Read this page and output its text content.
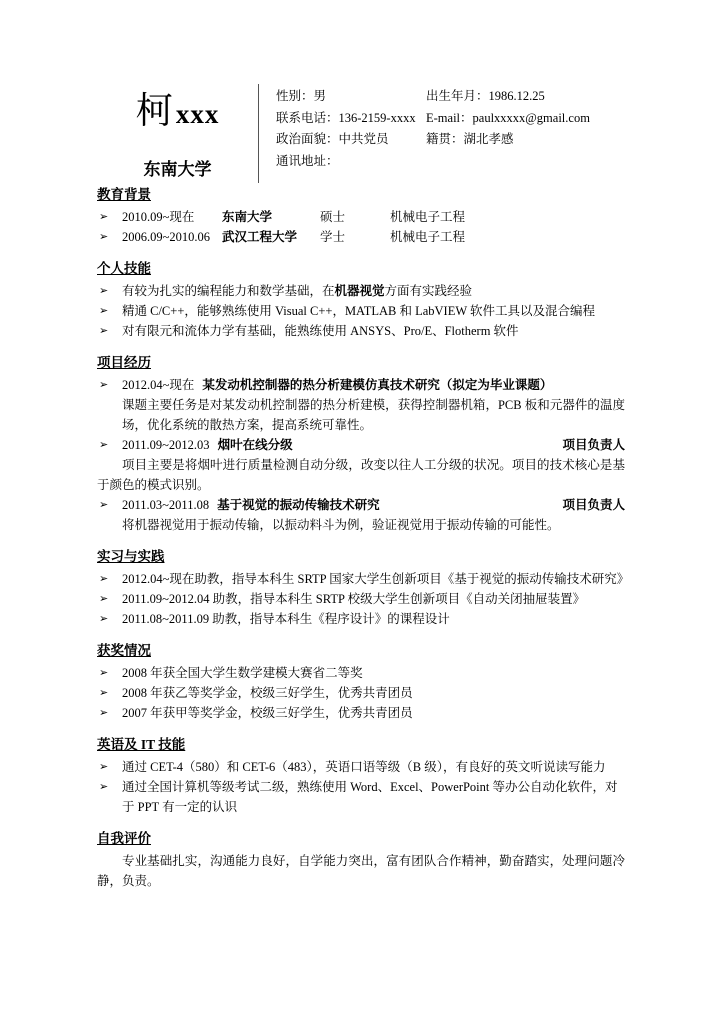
柯 xxx
东南大学
性别：男	出生年月：1986.12.25
联系电话：136-2159-xxxx E-mail：paulxxxxx@gmail.com
政治面貌：中共党员	籍贯：湖北孝感
通讯地址：
教育背景
➢ 2010.09~现在 东南大学	硕士	机械电子工程
➢ 2006.09~2010.06 武汉工程大学 学士	机械电子工程
个人技能
➢ 有较为扎实的编程能力和数学基础，在机器视觉方面有实践经验
➢ 精通 C/C++，能够熟练使用 Visual C++，MATLAB 和 LabVIEW 软件工具以及混合编程
➢ 对有限元和流体力学有基础，能熟练使用 ANSYS、Pro/E、Flotherm 软件
项目经历
➢ 2012.04~现在 某发动机控制器的热分析建模仿真技术研究（拟定为毕业课题）
课题主要任务是对某发动机控制器的热分析建模，获得控制器机箱，PCB 板和元器件的温度场，优化系统的散热方案，提高系统可靠性。
➢ 2011.09~2012.03 烟叶在线分级	项目负责人
项目主要是将烟叶进行质量检测自动分级，改变以往人工分级的状况。项目的技术核心是基于颜色的模式识别。
➢ 2011.03~2011.08 基于视觉的振动传输技术研究	项目负责人
将机器视觉用于振动传输，以振动料斗为例，验证视觉用于振动传输的可能性。
实习与实践
➢ 2012.04~现在助教，指导本科生 SRTP 国家大学生创新项目《基于视觉的振动传输技术研究》
➢ 2011.09~2012.04 助教，指导本科生 SRTP 校级大学生创新项目《自动关闭抽屉装置》
➢ 2011.08~2011.09 助教，指导本科生《程序设计》的课程设计
获奖情况
➢ 2008 年获全国大学生数学建模大赛省二等奖
➢ 2008 年获乙等奖学金，校级三好学生，优秀共青团员
➢ 2007 年获甲等奖学金，校级三好学生，优秀共青团员
英语及 IT 技能
➢ 通过 CET-4（580）和 CET-6（483），英语口语等级（B 级），有良好的英文听说读写能力
➢ 通过全国计算机等级考试二级，熟练使用 Word、Excel、PowerPoint 等办公自动化软件，对于 PPT 有一定的认识
自我评价
专业基础扎实，沟通能力良好，自学能力突出，富有团队合作精神，勤奋踏实，处理问题冷静，负责。
